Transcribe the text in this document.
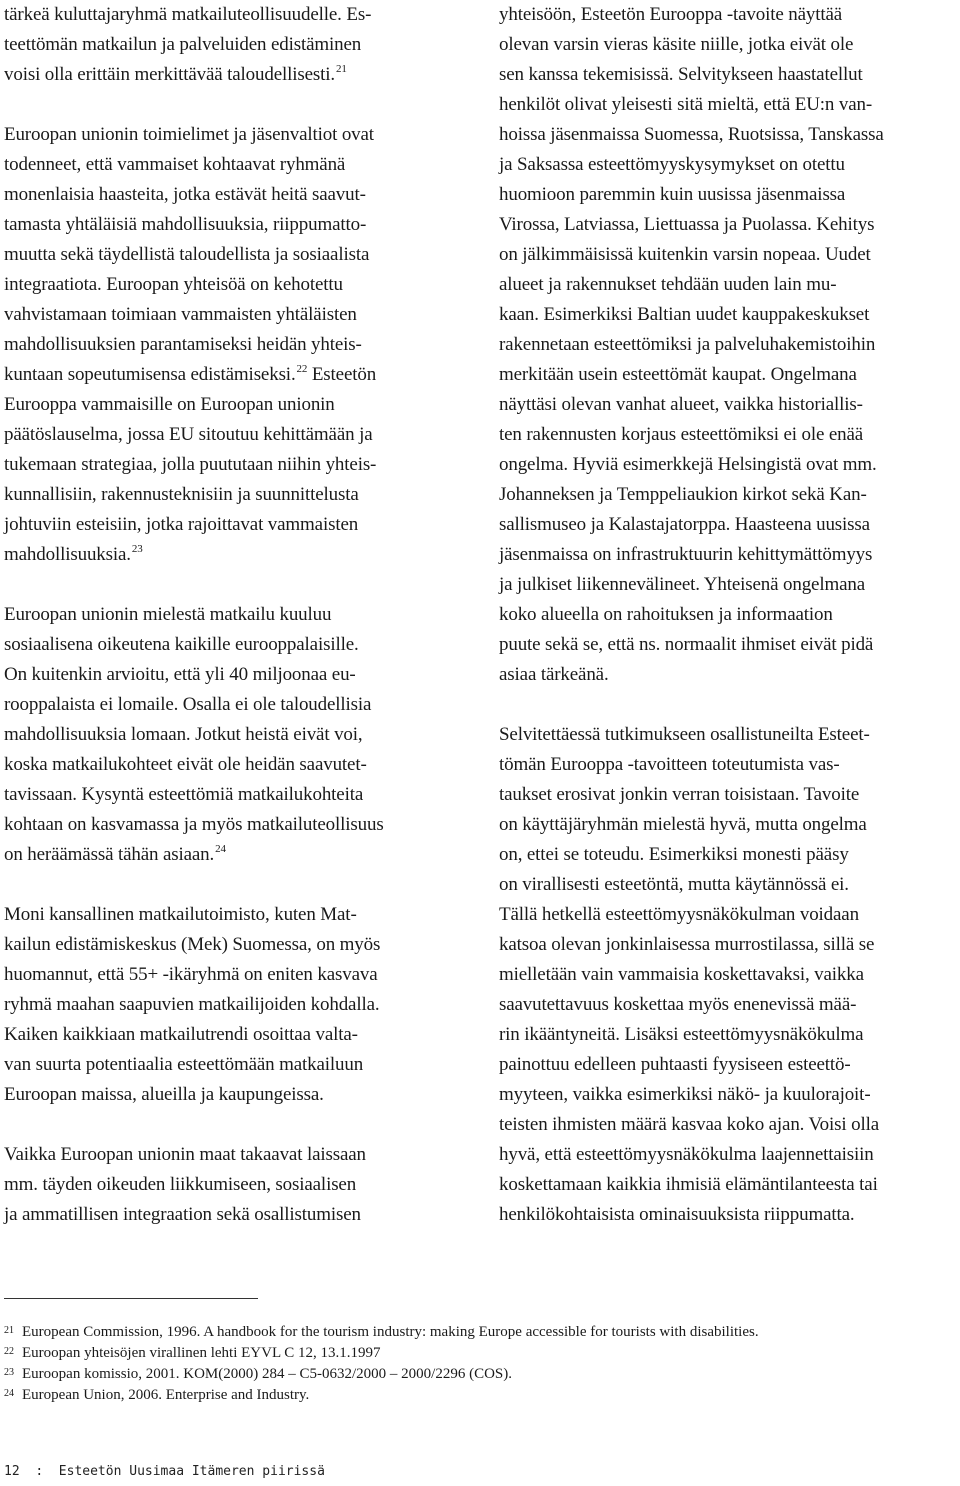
tärkeä kuluttajaryhmä matkailuteollisuudelle. Es-
teettömän matkailun ja palveluiden edistäminen
voisi olla erittäin merkittävää taloudellisesti.$^{21}$
Euroopan unionin toimielimet ja jäsenvaltiot ovat
todenneet, että vammaiset kohtaavat ryhmänä
monenlaisia haasteita, jotka estävät heitä saavut-
tamasta yhtäläisiä mahdollisuuksia, riippumatto-
muutta sekä täydellistä taloudellista ja sosiaalista
integraatiota. Euroopan yhteisöä on kehotettu
vahvistamaan toimiaan vammaisten yhtäläisten
mahdollisuuksien parantamiseksi heidän yhteis-
kuntaan sopeutumisensa edistämiseksi.$^{22}$ Esteetön
Eurooppa vammaisille on Euroopan unionin
päätöslauselma, jossa EU sitoutuu kehittämään ja
tukemaan strategiaa, jolla puututaan niihin yhteis-
kunnallisiin, rakennusteknisiin ja suunnittelusta
johtuviin esteisiin, jotka rajoittavat vammaisten
mahdollisuuksia.$^{23}$
Euroopan unionin mielestä matkailu kuuluu
sosiaalisena oikeutena kaikille eurooppalaisille.
On kuitenkin arvioitu, että yli 40 miljoonaa eu-
rooppalaista ei lomaile. Osalla ei ole taloudellisia
mahdollisuuksia lomaan. Jotkut heistä eivät voi,
koska matkailukohteet eivät ole heidän saavutet-
tavissaan. Kysyntä esteettömiä matkailukohteita
kohtaan on kasvamassa ja myös matkailuteollisuus
on heräämässä tähän asiaan.$^{24}$
Moni kansallinen matkailutoimisto, kuten Mat-
kailun edistämiskeskus (Mek) Suomessa, on myös
huomannut, että 55+ -ikäryhmä on eniten kasvava
ryhmä maahan saapuvien matkailijoiden kohdalla.
Kaiken kaikkiaan matkailutrendi osoittaa valta-
van suurta potentiaalia esteettömään matkailuun
Euroopan maissa, alueilla ja kaupungeissa.
Vaikka Euroopan unionin maat takaavat laissaan
mm. täyden oikeuden liikkumiseen, sosiaalisen
ja ammatillisen integraation sekä osallistumisen
yhteisöön, Esteetön Eurooppa -tavoite näyttää
olevan varsin vieras käsite niille, jotka eivät ole
sen kanssa tekemisissä. Selvitykseen haastatellut
henkilöt olivat yleisesti sitä mieltä, että EU:n van-
hoissa jäsenmaissa Suomessa, Ruotsissa, Tanskassa
ja Saksassa esteettömyyskysymykset on otettu
huomioon paremmin kuin uusissa jäsenmaissa
Virossa, Latviassa, Liettuassa ja Puolassa. Kehitys
on jälkimmäisissä kuitenkin varsin nopeaa. Uudet
alueet ja rakennukset tehdään uuden lain mu-
kaan. Esimerkiksi Baltian uudet kauppakeskukset
rakennetaan esteettömiksi ja palveluhakemistoihin
merkitään usein esteettömät kaupat. Ongelmana
näyttäsi olevan vanhat alueet, vaikka historiallis-
ten rakennusten korjaus esteettömiksi ei ole enää
ongelma. Hyviä esimerkkejä Helsingistä ovat mm.
Johanneksen ja Temppeliaukion kirkot sekä Kan-
sallismuseo ja Kalastajatorppa. Haasteena uusissa
jäsenmaissa on infrastruktuurin kehittymättömyys
ja julkiset liikennevälineet. Yhteisenä ongelmana
koko alueella on rahoituksen ja informaation
puute sekä se, että ns. normaalit ihmiset eivät pidä
asiaa tärkeänä.
Selvitettäessä tutkimukseen osallistuneilta Esteet-
tömän Eurooppa -tavoitteen toteutumista vas-
taukset erosivat jonkin verran toisistaan. Tavoite
on käyttäjäryhmän mielestä hyvä, mutta ongelma
on, ettei se toteudu. Esimerkiksi monesti pääsy
on virallisesti esteetöntä, mutta käytännössä ei.
Tällä hetkellä esteettömyysnäkökulman voidaan
katsoa olevan jonkinlaisessa murrostilassa, sillä se
mielletään vain vammaisia koskettavaksi, vaikka
saavutettavuus koskettaa myös enenevissä mää-
rin ikääntyneitä. Lisäksi esteettömyysnäkökulma
painottuu edelleen puhtaasti fyysiseen esteettö-
myyteen, vaikka esimerkiksi näkö- ja kuulorajoit-
teisten ihmisten määrä kasvaa koko ajan. Voisi olla
hyvä, että esteettömyysnäkökulma laajennettaisiin
koskettamaan kaikkia ihmisiä elämäntilanteesta tai
henkilökohtaisista ominaisuuksista riippumatta.
21 European Commission, 1996. A handbook for the tourism industry: making Europe accessible for tourists with disabilities.
22 Euroopan yhteisöjen virallinen lehti EYVL C 12, 13.1.1997
23 Euroopan komissio, 2001. KOM(2000) 284 – C5-0632/2000 – 2000/2296 (COS).
24 European Union, 2006. Enterprise and Industry.
12 : Esteetön Uusimaa Itämeren piirissä
